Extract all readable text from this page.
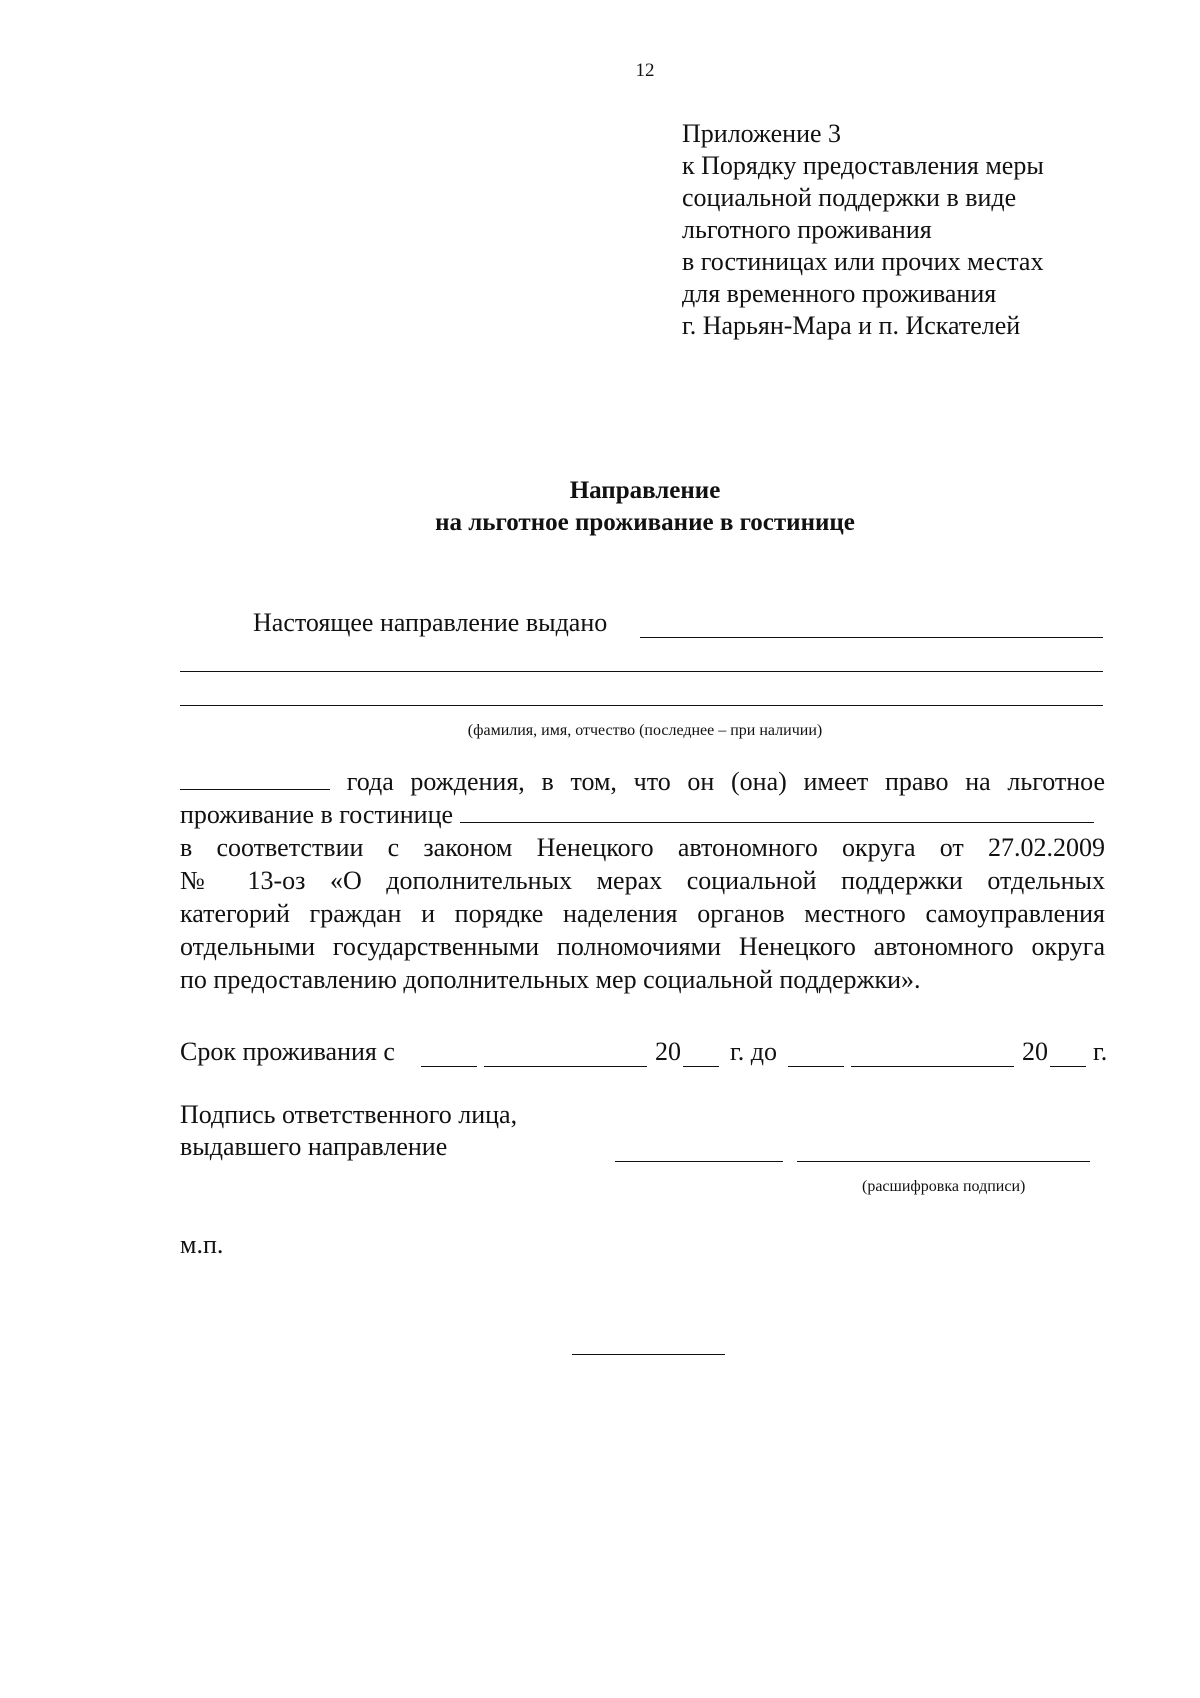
12
Приложение 3
к Порядку предоставления меры
социальной поддержки в виде
льготного проживания
в гостиницах или прочих местах
для временного проживания
г. Нарьян-Мара и п. Искателей
Направление
на льготное проживание в гостинице
Настоящее направление выдано
(фамилия, имя, отчество (последнее – при наличии)
года рождения, в том, что он (она) имеет право на льготное
проживание в гостинице
в соответствии с законом Ненецкого автономного округа от 27.02.2009
№ 13-оз «О дополнительных мерах социальной поддержки отдельных
категорий граждан и порядке наделения органов местного самоуправления
отдельными государственными полномочиями Ненецкого автономного округа
по предоставлению дополнительных мер социальной поддержки».
Срок проживания с	20 г. до	20 г.
Подпись ответственного лица,
выдавшего направление
(расшифровка подписи)
м.п.
